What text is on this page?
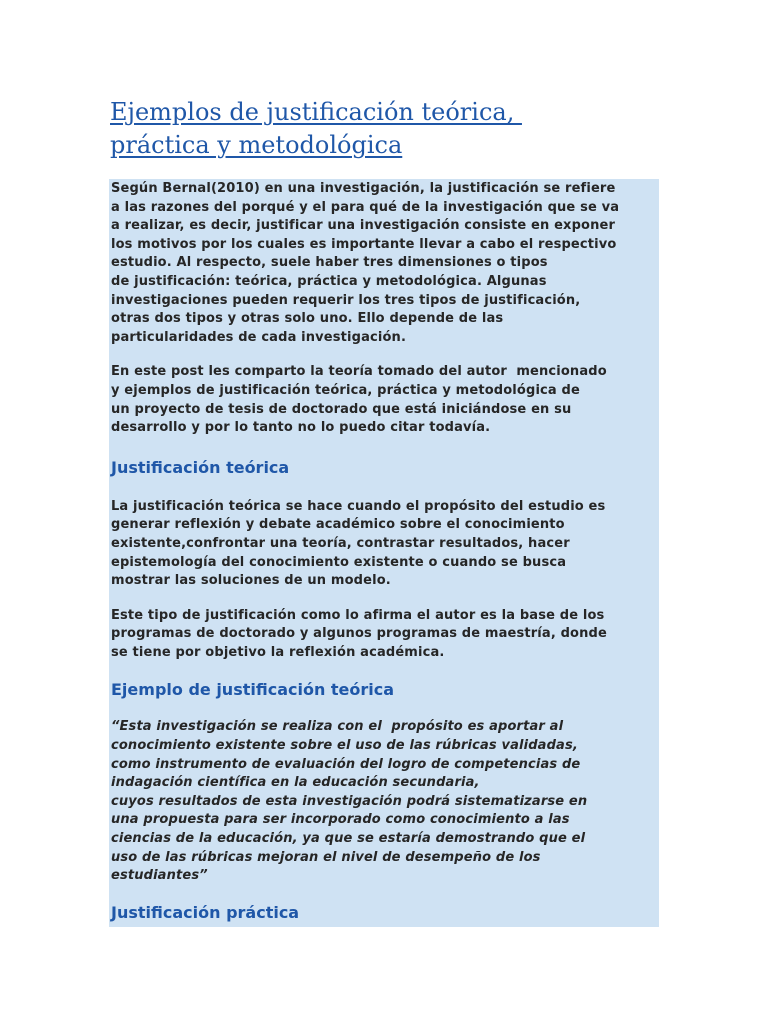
Ejemplos de justificación teórica,
práctica y metodológica

Según Bernal(2010) en una investigación, la justificación se refiere
a las razones del porqué y el para qué de la investigación que se va
a realizar, es decir, justificar una investigación consiste en exponer
los motivos por los cuales es importante llevar a cabo el respectivo
estudio. Al respecto, suele haber tres dimensiones o tipos
de justificación: teórica, práctica y metodológica. Algunas
investigaciones pueden requerir los tres tipos de justificación,
otras dos tipos y otras solo uno. Ello depende de las
particularidades de cada investigación.

En este post les comparto la teoría tomado del autor  mencionado
y ejemplos de justificación teórica, práctica y metodológica de
un proyecto de tesis de doctorado que está iniciándose en su
desarrollo y por lo tanto no lo puedo citar todavía.

Justificación teórica

La justificación teórica se hace cuando el propósito del estudio es
generar reflexión y debate académico sobre el conocimiento
existente,confrontar una teoría, contrastar resultados, hacer
epistemología del conocimiento existente o cuando se busca
mostrar las soluciones de un modelo.

Este tipo de justificación como lo afirma el autor es la base de los
programas de doctorado y algunos programas de maestría, donde
se tiene por objetivo la reflexión académica.

Ejemplo de justificación teórica

“Esta investigación se realiza con el  propósito es aportar al
conocimiento existente sobre el uso de las rúbricas validadas,
como instrumento de evaluación del logro de competencias de
indagación científica en la educación secundaria,
cuyos resultados de esta investigación podrá sistematizarse en
una propuesta para ser incorporado como conocimiento a las
ciencias de la educación, ya que se estaría demostrando que el
uso de las rúbricas mejoran el nivel de desempeño de los
estudiantes”

Justificación práctica
